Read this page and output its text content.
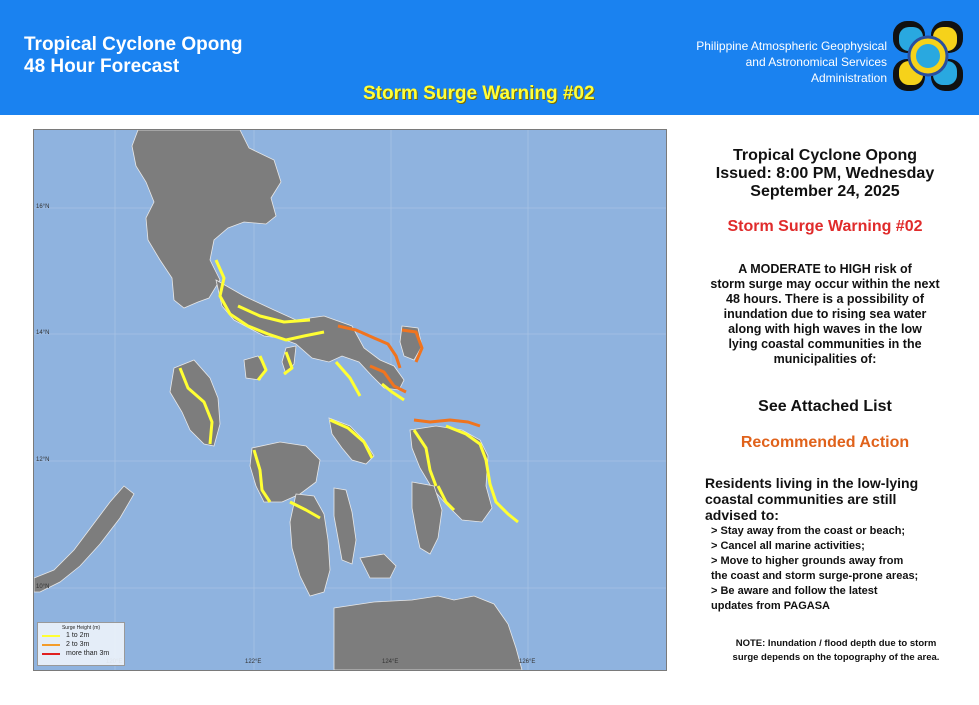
Tropical Cyclone Opong
48 Hour Forecast
Storm Surge Warning #02
Philippine Atmospheric Geophysical
and Astronomical Services
Administration
16°N
14°N
12°N
10°N
122°E	124°E	126°E
Surge Height (m)
1 to 2m
2 to 3m
more than 3m
Tropical Cyclone Opong
Issued: 8:00 PM, Wednesday
September 24, 2025
Storm Surge Warning #02
A MODERATE to HIGH risk of
storm surge may occur within the next
48 hours. There is a possibility of
inundation due to rising sea water
along with high waves in the low
lying coastal communities in the
municipalities of:
See Attached List
Recommended Action
Residents living in the low-lying
coastal communities are still
advised to:
> Stay away from the coast or beach;
> Cancel all marine activities;
> Move to higher grounds away from
the coast and storm surge-prone areas;
> Be aware and follow the latest
updates from PAGASA
NOTE: Inundation / flood depth due to storm
surge depends on the topography of the area.
